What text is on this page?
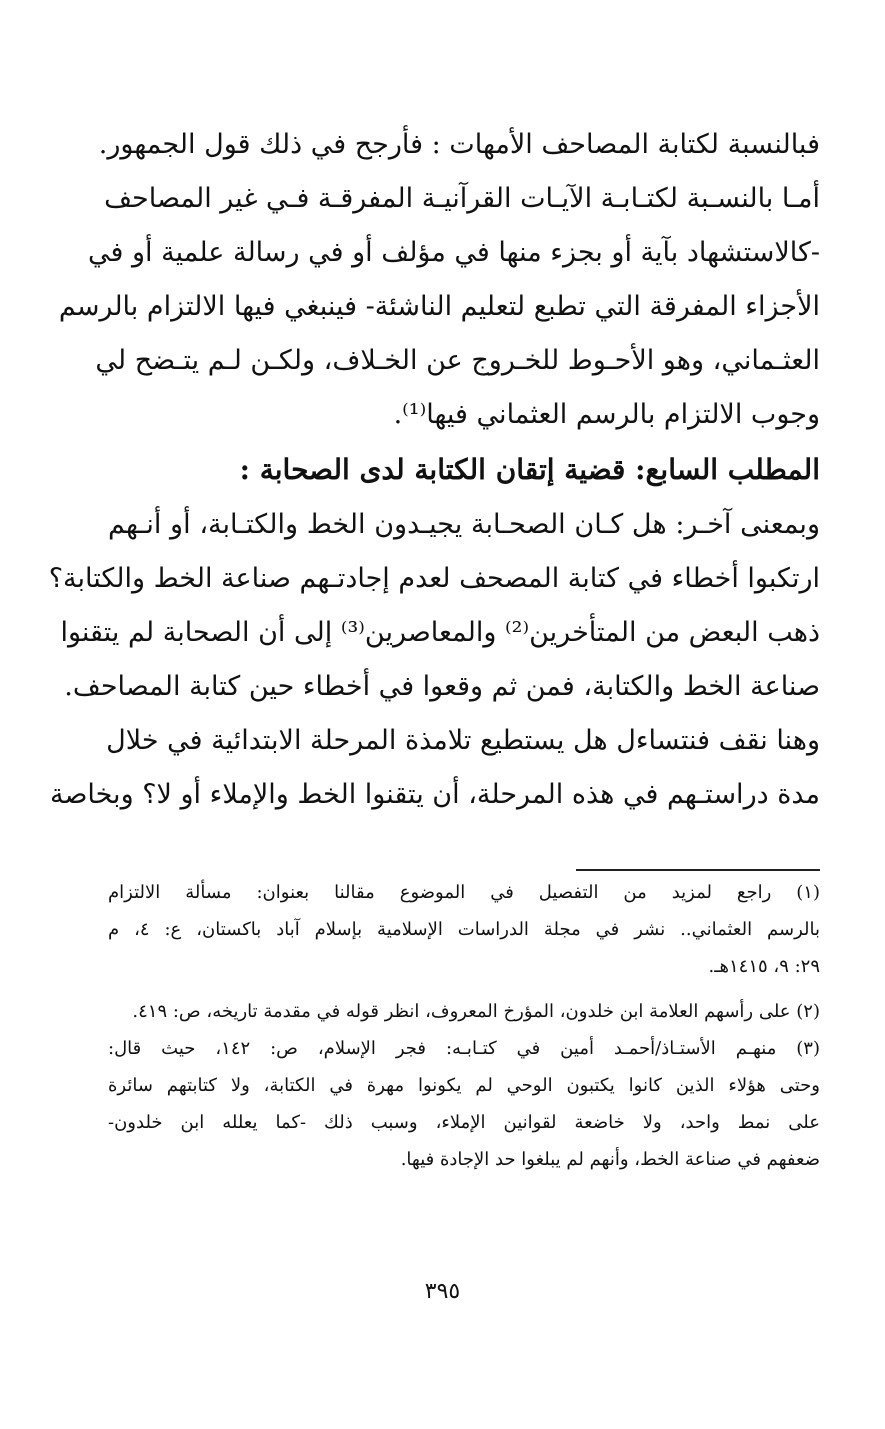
فبالنسبة لكتابة المصاحف الأمهات : فأرجح في ذلك قول الجمهور.
أمـا بالنسـبة لكتـابـة الآيـات القرآنيـة المفرقـة فـي غير المصاحف
-كالاستشهاد بآية أو بجزء منها في مؤلف أو في رسالة علمية أو في
الأجزاء المفرقة التي تطبع لتعليم الناشئة- فينبغي فيها الالتزام بالرسم
العثـماني، وهو الأحـوط للخـروج عن الخـلاف، ولكـن لـم يتـضح لي
وجوب الالتزام بالرسم العثماني فيها⁽¹⁾.
المطلب السابع: قضية إتقان الكتابة لدى الصحابة :
وبمعنى آخـر: هل كـان الصحـابة يجيـدون الخط والكتـابة، أو أنـهم
ارتكبوا أخطاء في كتابة المصحف لعدم إجادتـهم صناعة الخط والكتابة؟
ذهب البعض من المتأخرين⁽²⁾ والمعاصرين⁽³⁾ إلى أن الصحابة لم يتقنوا
صناعة الخط والكتابة، فمن ثم وقعوا في أخطاء حين كتابة المصاحف.
وهنا نقف فنتساءل هل يستطيع تلامذة المرحلة الابتدائية في خلال
مدة دراستـهم في هذه المرحلة، أن يتقنوا الخط والإملاء أو لا؟ وبخاصة
(١) راجع لمزيد من التفصيل في الموضوع مقالنا بعنوان: مسألة الالتزام
بالرسم العثماني.. نشر في مجلة الدراسات الإسلامية بإسلام آباد باكستان، ع: ٤، م
٢٩: ٩، ١٤١٥هـ.
(٢) على رأسهم العلامة ابن خلدون، المؤرخ المعروف، انظر قوله في مقدمة تاريخه، ص: ٤١٩.
(٣) منهـم الأستـاذ/أحمـد أمين في كتـابـه: فجر الإسلام، ص: ١٤٢، حيث قال:
وحتى هؤلاء الذين كانوا يكتبون الوحي لم يكونوا مهرة في الكتابة، ولا كتابتهم سائرة
على نمط واحد، ولا خاضعة لقوانين الإملاء، وسبب ذلك -كما يعلله ابن خلدون-
ضعفهم في صناعة الخط، وأنهم لم يبلغوا حد الإجادة فيها.
٣٩٥
